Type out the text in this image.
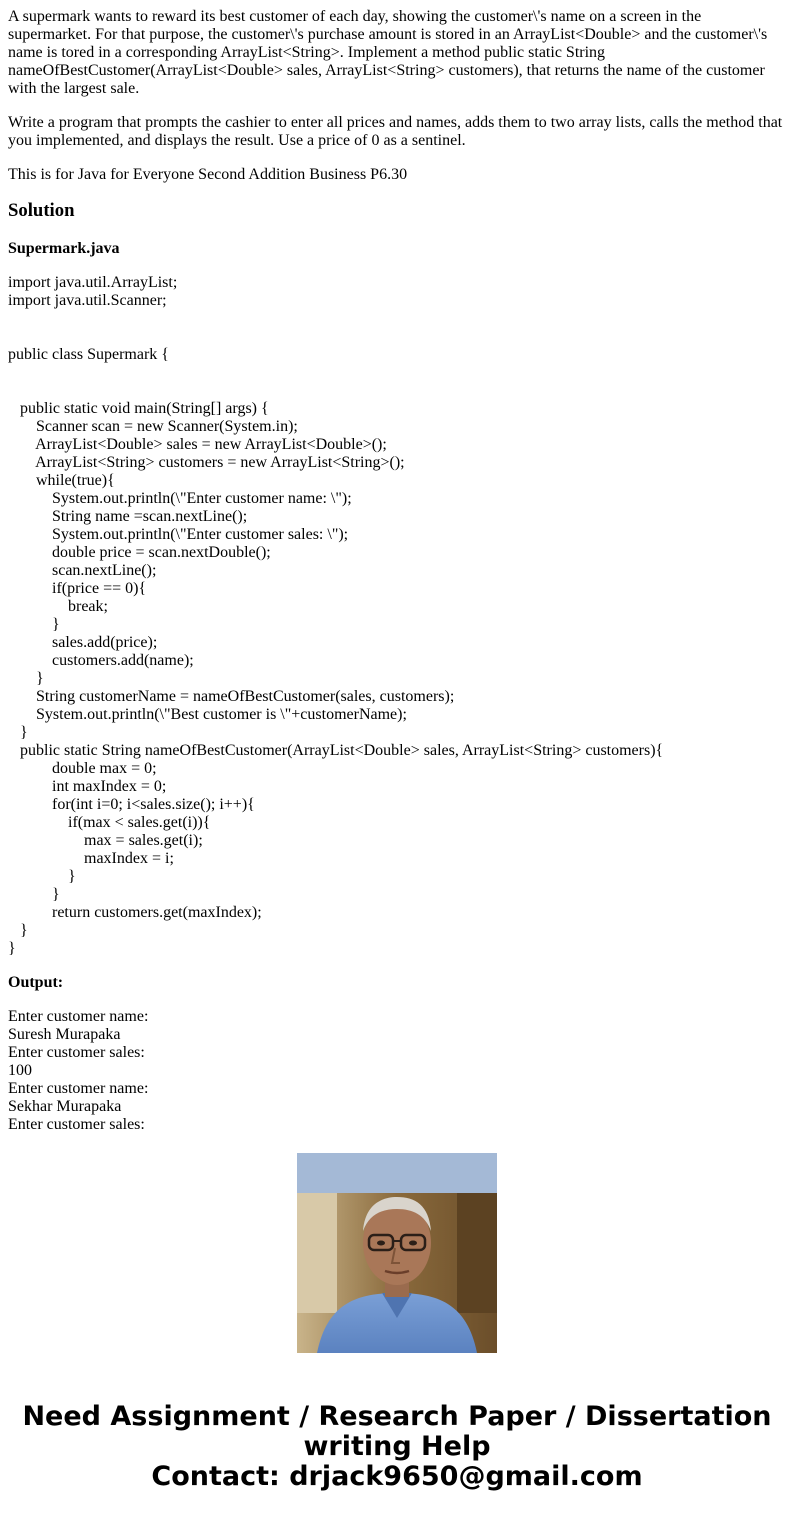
A supermark wants to reward its best customer of each day, showing the customer\'s name on a screen in the supermarket. For that purpose, the customer\'s purchase amount is stored in an ArrayList<Double> and the customer\'s name is tored in a corresponding ArrayList<String>. Implement a method public static String nameOfBestCustomer(ArrayList<Double> sales, ArrayList<String> customers), that returns the name of the customer with the largest sale.

Write a program that prompts the cashier to enter all prices and names, adds them to two array lists, calls the method that you implemented, and displays the result. Use a price of 0 as a sentinel.

This is for Java for Everyone Second Addition Business P6.30

Solution
Supermark.java
import java.util.ArrayList;
import java.util.Scanner;

public class Supermark {

public static void main(String[] args) {
Scanner scan = new Scanner(System.in);
ArrayList<Double> sales = new ArrayList<Double>();
ArrayList<String> customers = new ArrayList<String>();
while(true){
System.out.println(\"Enter customer name: \");
String name =scan.nextLine();
System.out.println(\"Enter customer sales: \");
double price = scan.nextDouble();
scan.nextLine();
if(price == 0){
break;
}
sales.add(price);
customers.add(name);
}
String customerName = nameOfBestCustomer(sales, customers);
System.out.println(\"Best customer is \"+customerName);
}
public static String nameOfBestCustomer(ArrayList<Double> sales, ArrayList<String> customers){
double max = 0;
int maxIndex = 0;
for(int i=0; i<sales.size(); i++){
if(max < sales.get(i)){
max = sales.get(i);
maxIndex = i;
}
}
return customers.get(maxIndex);
}
}
Output:
Enter customer name:
Suresh Murapaka
Enter customer sales:
100
Enter customer name:
Sekhar Murapaka
Enter customer sales:
Need Assignment / Research Paper / Dissertation
writing Help
Contact: drjack9650@gmail.com
